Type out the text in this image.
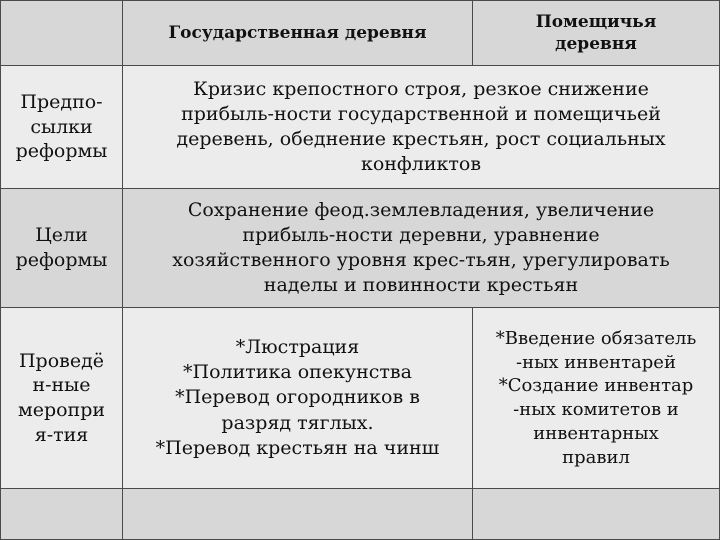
Государственная деревня
Помещичья
деревня
Предпо-
сылки
реформы
Кризис крепостного строя, резкое снижение
прибыль-ности государственной и помещичьей
деревень, обеднение крестьян, рост социальных
конфликтов
Цели
реформы
Сохранение феод.землевладения, увеличение
прибыль-ности деревни, уравнение
хозяйственного уровня крес-тьян, урегулировать
наделы и повинности крестьян
Проведё
н-ные
меропри
я-тия
*Люстрация
*Политика опекунства
*Перевод огородников в
разряд тяглых.
*Перевод крестьян на чинш
*Введение обязатель
-ных инвентарей
*Создание инвентар
-ных комитетов и
инвентарных
правил
